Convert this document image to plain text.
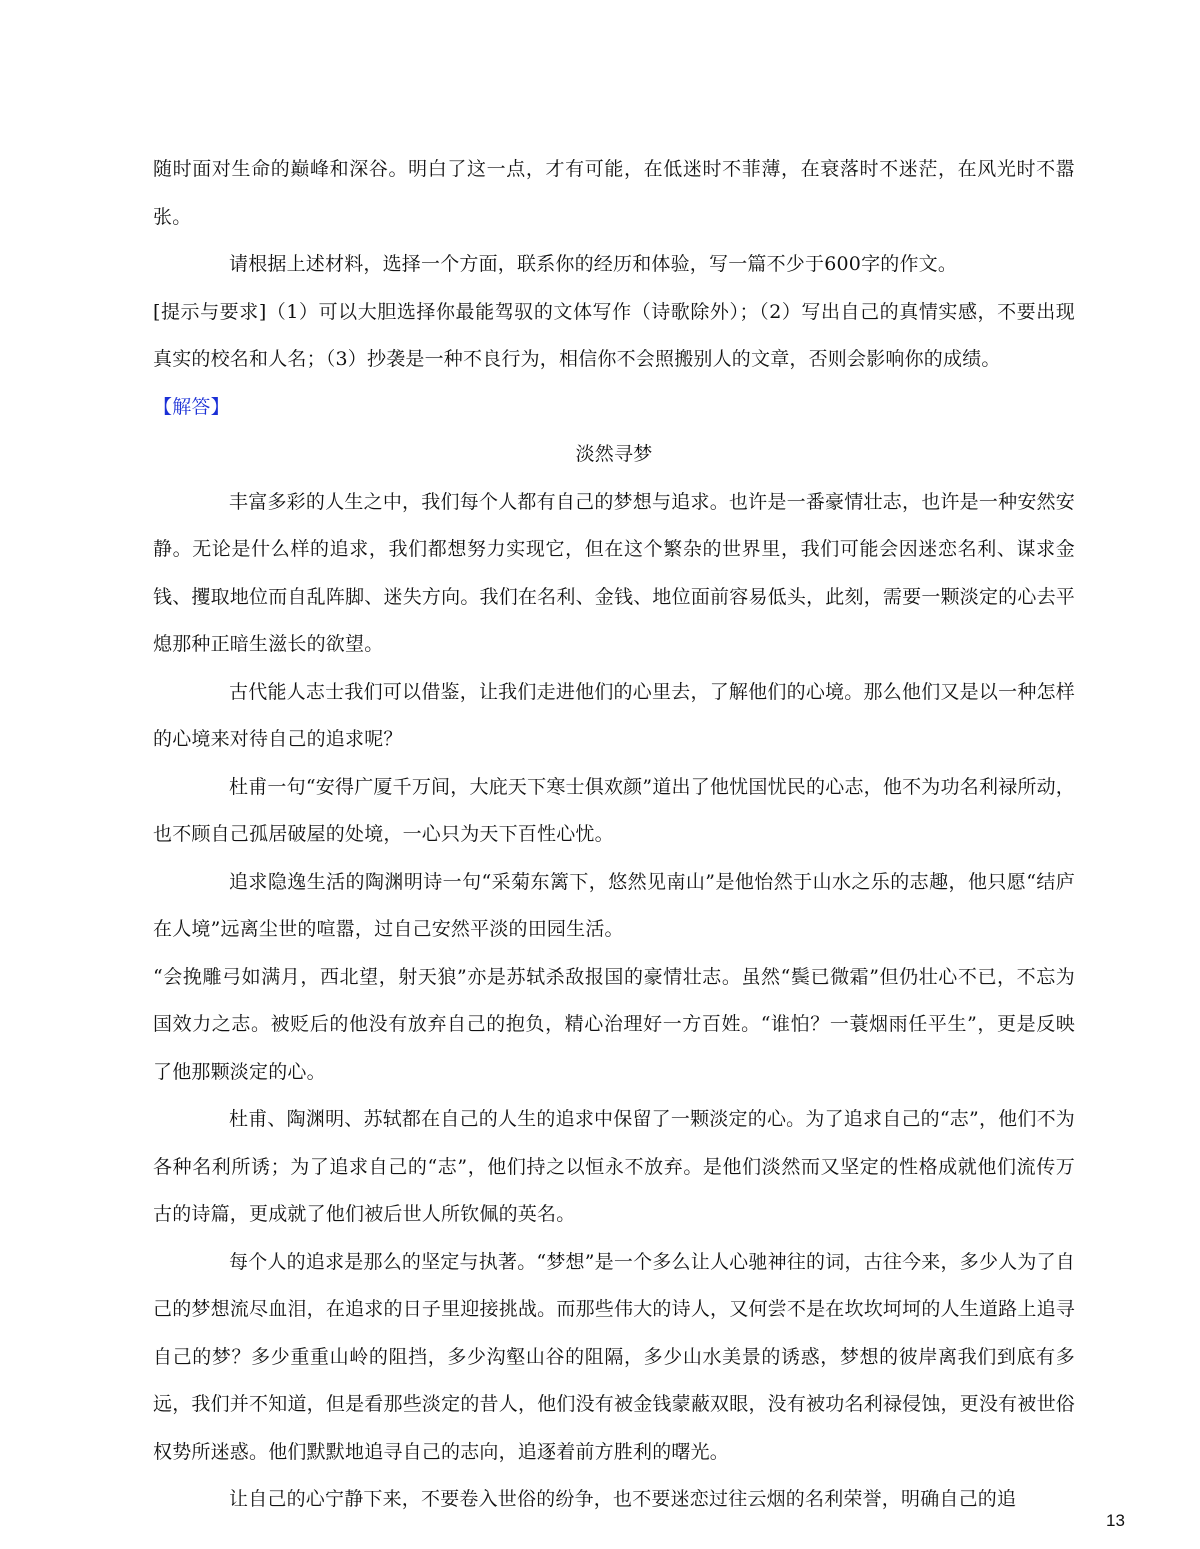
随时面对生命的巅峰和深谷。明白了这一点，才有可能，在低迷时不菲薄，在衰落时不迷茫，在风光时不嚣张。

请根据上述材料，选择一个方面，联系你的经历和体验，写一篇不少于600字的作文。

[提示与要求]（1）可以大胆选择你最能驾驭的文体写作（诗歌除外）；（2）写出自己的真情实感，不要出现真实的校名和人名；（3）抄袭是一种不良行为，相信你不会照搬别人的文章，否则会影响你的成绩。

【解答】

淡然寻梦

丰富多彩的人生之中，我们每个人都有自己的梦想与追求。也许是一番豪情壮志，也许是一种安然安静。无论是什么样的追求，我们都想努力实现它，但在这个繁杂的世界里，我们可能会因迷恋名利、谋求金钱、攫取地位而自乱阵脚、迷失方向。我们在名利、金钱、地位面前容易低头，此刻，需要一颗淡定的心去平熄那种正暗生滋长的欲望。

古代能人志士我们可以借鉴，让我们走进他们的心里去，了解他们的心境。那么他们又是以一种怎样的心境来对待自己的追求呢？

杜甫一句“安得广厦千万间，大庇天下寒士俱欢颜”道出了他忧国忧民的心志，他不为功名利禄所动，也不顾自己孤居破屋的处境，一心只为天下百性心忧。

追求隐逸生活的陶渊明诗一句“采菊东篱下，悠然见南山”是他怡然于山水之乐的志趣，他只愿“结庐在人境”远离尘世的喧嚣，过自己安然平淡的田园生活。

“会挽雕弓如满月，西北望，射天狼”亦是苏轼杀敌报国的豪情壮志。虽然“鬓已微霜”但仍壮心不已，不忘为国效力之志。被贬后的他没有放弃自己的抱负，精心治理好一方百姓。“谁怕？一蓑烟雨任平生”，更是反映了他那颗淡定的心。

杜甫、陶渊明、苏轼都在自己的人生的追求中保留了一颗淡定的心。为了追求自己的“志”，他们不为各种名利所诱；为了追求自己的“志”，他们持之以恒永不放弃。是他们淡然而又坚定的性格成就他们流传万古的诗篇，更成就了他们被后世人所钦佩的英名。

每个人的追求是那么的坚定与执著。“梦想”是一个多么让人心驰神往的词，古往今来，多少人为了自己的梦想流尽血泪，在追求的日子里迎接挑战。而那些伟大的诗人，又何尝不是在坎坎坷坷的人生道路上追寻自己的梦？多少重重山岭的阻挡，多少沟壑山谷的阻隔，多少山水美景的诱惑，梦想的彼岸离我们到底有多远，我们并不知道，但是看那些淡定的昔人，他们没有被金钱蒙蔽双眼，没有被功名利禄侵蚀，更没有被世俗权势所迷惑。他们默默地追寻自己的志向，追逐着前方胜利的曙光。

让自己的心宁静下来，不要卷入世俗的纷争，也不要迷恋过往云烟的名利荣誉，明确自己的追

13
